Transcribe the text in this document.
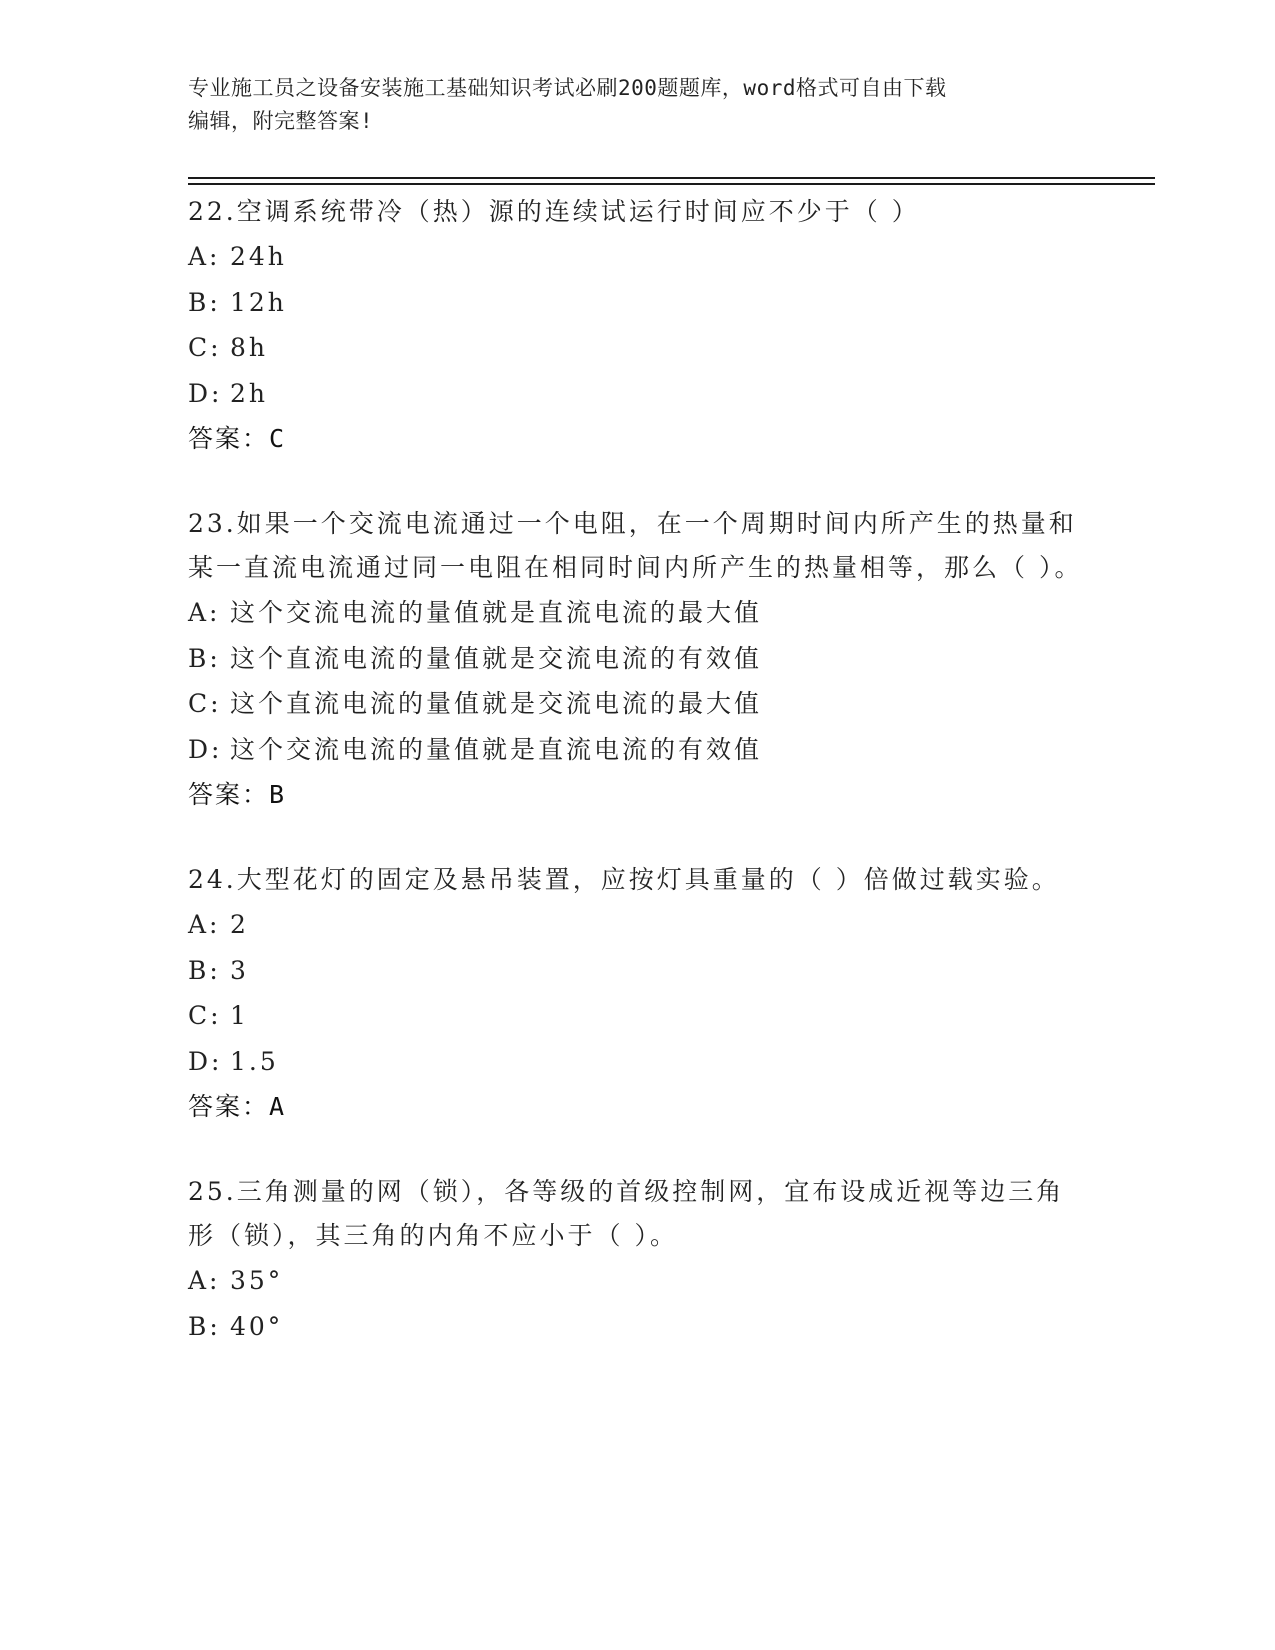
专业施工员之设备安装施工基础知识考试必刷200题题库，word格式可自由下载
编辑，附完整答案!

22.空调系统带冷（热）源的连续试运行时间应不少于（ ）

A: 24h
B: 12h
C: 8h
D: 2h
答案：C

23.如果一个交流电流通过一个电阻，在一个周期时间内所产生的热量和某一直流电流通过同一电阻在相同时间内所产生的热量相等，那么（ ）。

A: 这个交流电流的量值就是直流电流的最大值
B: 这个直流电流的量值就是交流电流的有效值
C: 这个直流电流的量值就是交流电流的最大值
D: 这个交流电流的量值就是直流电流的有效值
答案：B

24.大型花灯的固定及悬吊装置，应按灯具重量的（ ）倍做过载实验。

A: 2
B: 3
C: 1
D: 1.5
答案：A

25.三角测量的网（锁），各等级的首级控制网，宜布设成近视等边三角形（锁），其三角的内角不应小于（ ）。

A: 35°
B: 40°
